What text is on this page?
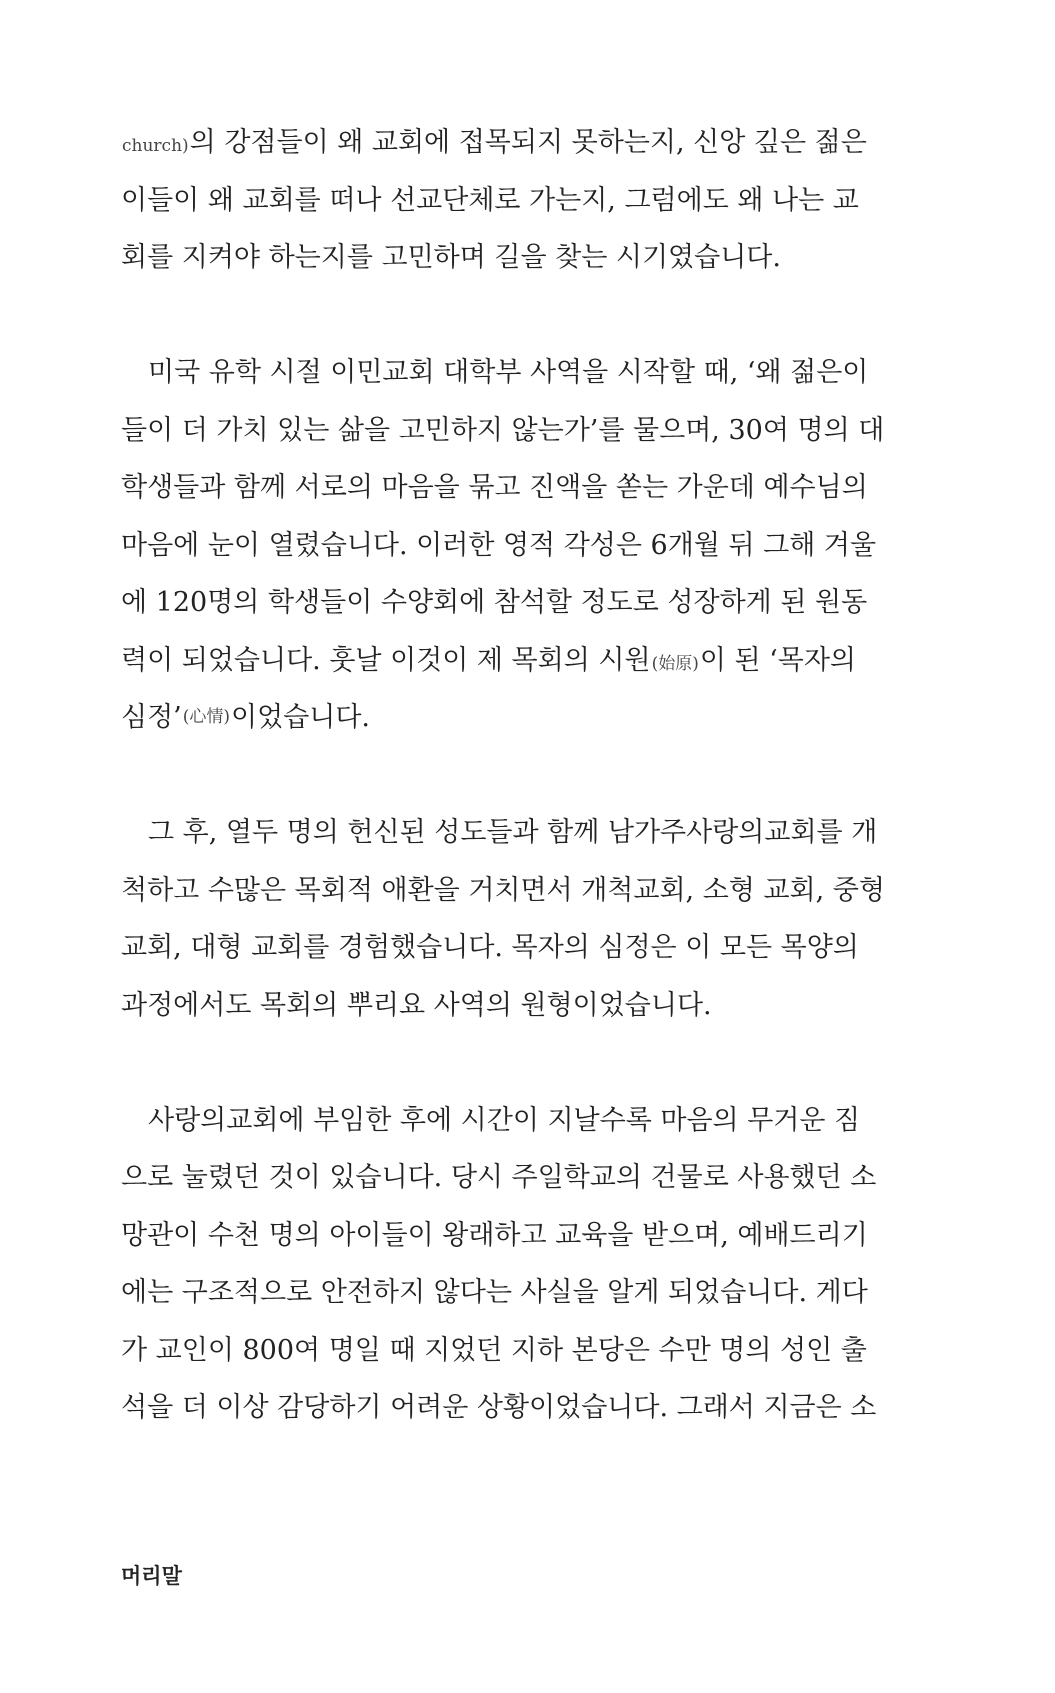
church)의 강점들이 왜 교회에 접목되지 못하는지, 신앙 깊은 젊은
이들이 왜 교회를 떠나 선교단체로 가는지, 그럼에도 왜 나는 교
회를 지켜야 하는지를 고민하며 길을 찾는 시기였습니다.
미국 유학 시절 이민교회 대학부 사역을 시작할 때, ‘왜 젊은이
들이 더 가치 있는 삶을 고민하지 않는가’를 물으며, 30여 명의 대
학생들과 함께 서로의 마음을 묶고 진액을 쏟는 가운데 예수님의
마음에 눈이 열렸습니다. 이러한 영적 각성은 6개월 뒤 그해 겨울
에 120명의 학생들이 수양회에 참석할 정도로 성장하게 된 원동
력이 되었습니다. 훗날 이것이 제 목회의 시원(始原)이 된 ‘목자의
심정’ (心情) 이었습니다.
그 후, 열두 명의 헌신된 성도들과 함께 남가주사랑의교회를 개
척하고 수많은 목회적 애환을 거치면서 개척교회, 소형 교회, 중형
교회, 대형 교회를 경험했습니다. 목자의 심정은 이 모든 목양의
과정에서도 목회의 뿌리요 사역의 원형이었습니다.
사랑의교회에 부임한 후에 시간이 지날수록 마음의 무거운 짐
으로 눌렸던 것이 있습니다. 당시 주일학교의 건물로 사용했던 소
망관이 수천 명의 아이들이 왕래하고 교육을 받으며, 예배드리기
에는 구조적으로 안전하지 않다는 사실을 알게 되었습니다. 게다
가 교인이 800여 명일 때 지었던 지하 본당은 수만 명의 성인 출
석을 더 이상 감당하기 어려운 상황이었습니다. 그래서 지금은 소
머리말
